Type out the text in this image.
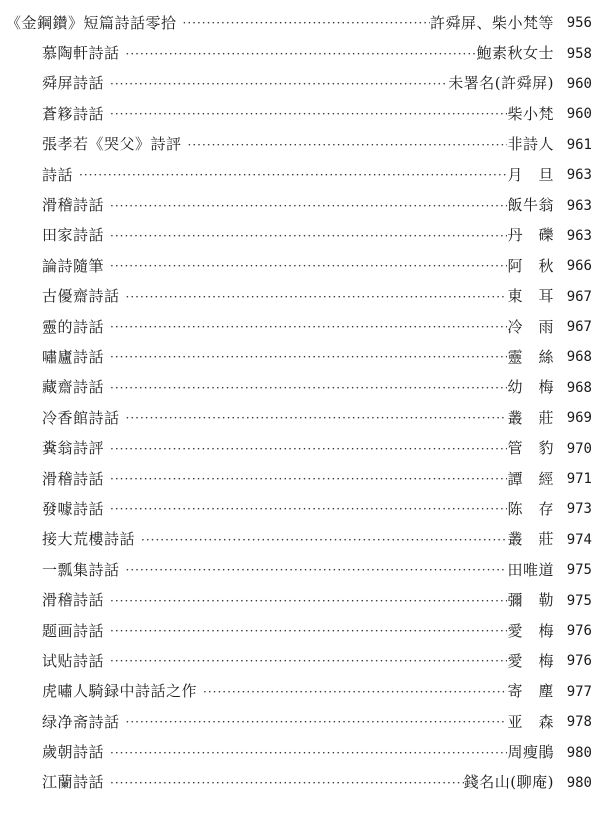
《金鋼鑽》短篇詩話零拾 ·····	許舜屏、柴小梵等 956
慕陶軒詩話 ·····	鮑素秋女士 958
舜屏詩話 ·····	未署名(許舜屏) 960
蒼簃詩話 ·····	柴小梵 960
張孝若《哭父》詩評 ·····	非詩人 961
詩話 ·····	月　旦 963
滑稽詩話 ·····	飯牛翁 963
田家詩話 ·····	丹　礫 963
論詩隨筆 ·····	阿　秋 966
古優齋詩話 ·····	東　耳 967
靈的詩話 ·····	冷　雨 967
嘯廬詩話 ·····	靈　絲 968
藏齋詩話 ·····	幼　梅 968
冷香館詩話 ·····	叢　莊 969
糞翁詩評 ·····	管　豹 970
滑稽詩話 ·····	譚　經 971
發噱詩話 ·····	陈　存 973
接大荒樓詩話 ·····	叢　莊 974
一瓢集詩話 ·····	田唯道 975
滑稽詩話 ·····	彌　勒 975
题画詩話 ·····	愛　梅 976
试贴詩話 ·····	愛　梅 976
虎嘯人騎録中詩話之作 ·····	寄　塵 977
绿净斋詩話 ·····	亚　森 978
歲朝詩話 ·····	周瘦鵑 980
江蘭詩話 ·····	錢名山(聊庵) 980
